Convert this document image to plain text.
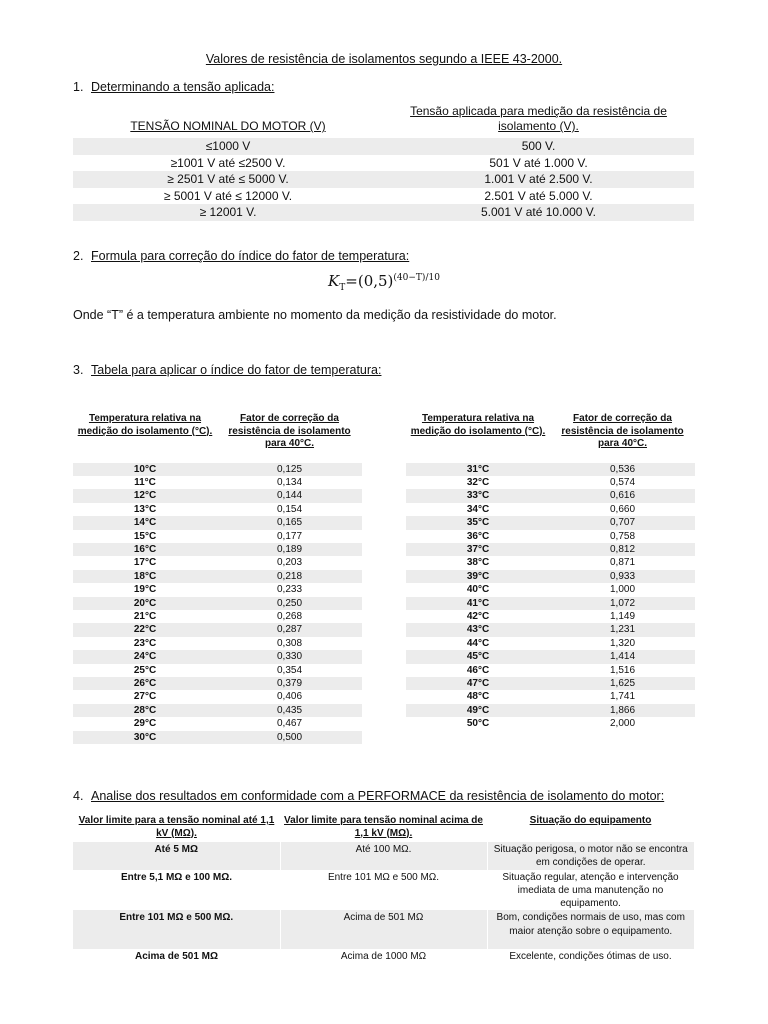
Valores de resistência de isolamentos segundo a IEEE 43-2000.
1. Determinando a tensão aplicada:
TENSÃO NOMINAL DO MOTOR (V)	Tensão aplicada para medição da resistência de isolamento (V).
≤1000 V	500 V.
≥1001 V até ≤2500 V.	501 V até 1.000 V.
≥ 2501 V até ≤ 5000 V.	1.001 V até 2.500 V.
≥ 5001 V até ≤ 12000 V.	2.501 V até 5.000 V.
≥ 12001 V.	5.001 V até 10.000 V.
2. Formula para correção do índice do fator de temperatura:
$K_T=(0,5)^{(40-T)/10}$
Onde “T” é a temperatura ambiente no momento da medição da resistividade do motor.
3. Tabela para aplicar o índice do fator de temperatura:
Temperatura relativa na medição do isolamento (°C).	Fator de correção da resistência de isolamento para 40°C.
10°C	0,125
11°C	0,134
12°C	0,144
13°C	0,154
14°C	0,165
15°C	0,177
16°C	0,189
17°C	0,203
18°C	0,218
19°C	0,233
20°C	0,250
21°C	0,268
22°C	0,287
23°C	0,308
24°C	0,330
25°C	0,354
26°C	0,379
27°C	0,406
28°C	0,435
29°C	0,467
30°C	0,500
Temperatura relativa na medição do isolamento (°C).	Fator de correção da resistência de isolamento para 40°C.
31°C	0,536
32°C	0,574
33°C	0,616
34°C	0,660
35°C	0,707
36°C	0,758
37°C	0,812
38°C	0,871
39°C	0,933
40°C	1,000
41°C	1,072
42°C	1,149
43°C	1,231
44°C	1,320
45°C	1,414
46°C	1,516
47°C	1,625
48°C	1,741
49°C	1,866
50°C	2,000
4. Analise dos resultados em conformidade com a PERFORMACE da resistência de isolamento do motor:
Valor limite para a tensão nominal até 1,1 kV (MΩ).	Valor limite para tensão nominal acima de 1,1 kV (MΩ).	Situação do equipamento
Até 5 MΩ	Até 100 MΩ.	Situação perigosa, o motor não se encontra em condições de operar.
Entre 5,1 MΩ e 100 MΩ.	Entre 101 MΩ e 500 MΩ.	Situação regular, atenção e intervenção imediata de uma manutenção no equipamento.
Entre 101 MΩ e 500 MΩ.	Acima de 501 MΩ	Bom, condições normais de uso, mas com maior atenção sobre o equipamento.
Acima de 501 MΩ	Acima de 1000 MΩ	Excelente, condições ótimas de uso.
